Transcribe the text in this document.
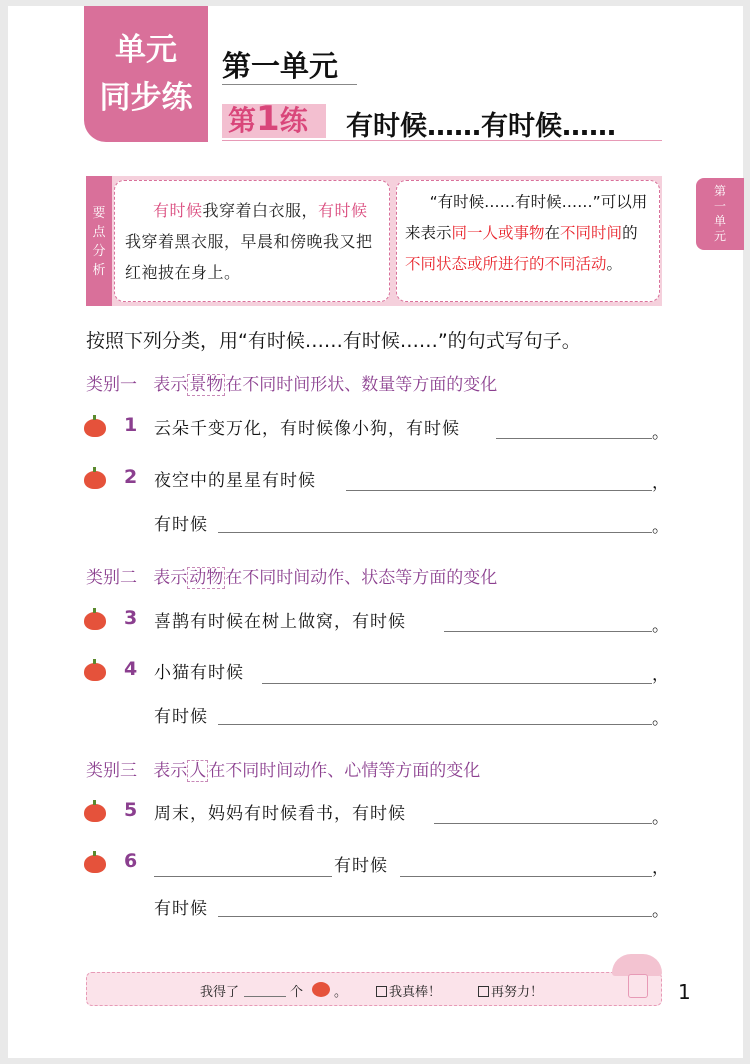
单元
同步练
第一单元
第1练 有时候……有时候……
第
一
单
元
要
点
分
析
有时候我穿着白衣服，有时候我穿着黑衣服，早晨和傍晚我又把红袍披在身上。
“有时候……有时候……”可以用来表示同一人或事物在不同时间的不同状态或所进行的不同活动。
按照下列分类，用“有时候……有时候……”的句式写句子。
类别一 表示 景物 在不同时间形状、数量等方面的变化
1 云朵千变万化，有时候像小狗，有时候	。
2 夜空中的星星有时候	，
有时候	。
类别二 表示 动物 在不同时间动作、状态等方面的变化
3 喜鹊有时候在树上做窝，有时候	。
4 小猫有时候	，
有时候	。
类别三 表示 人 在不同时间动作、心情等方面的变化
5 周末，妈妈有时候看书，有时候	。
6	有时候	，
有时候	。
我得了	个 。	我真棒！	再努力！	1
